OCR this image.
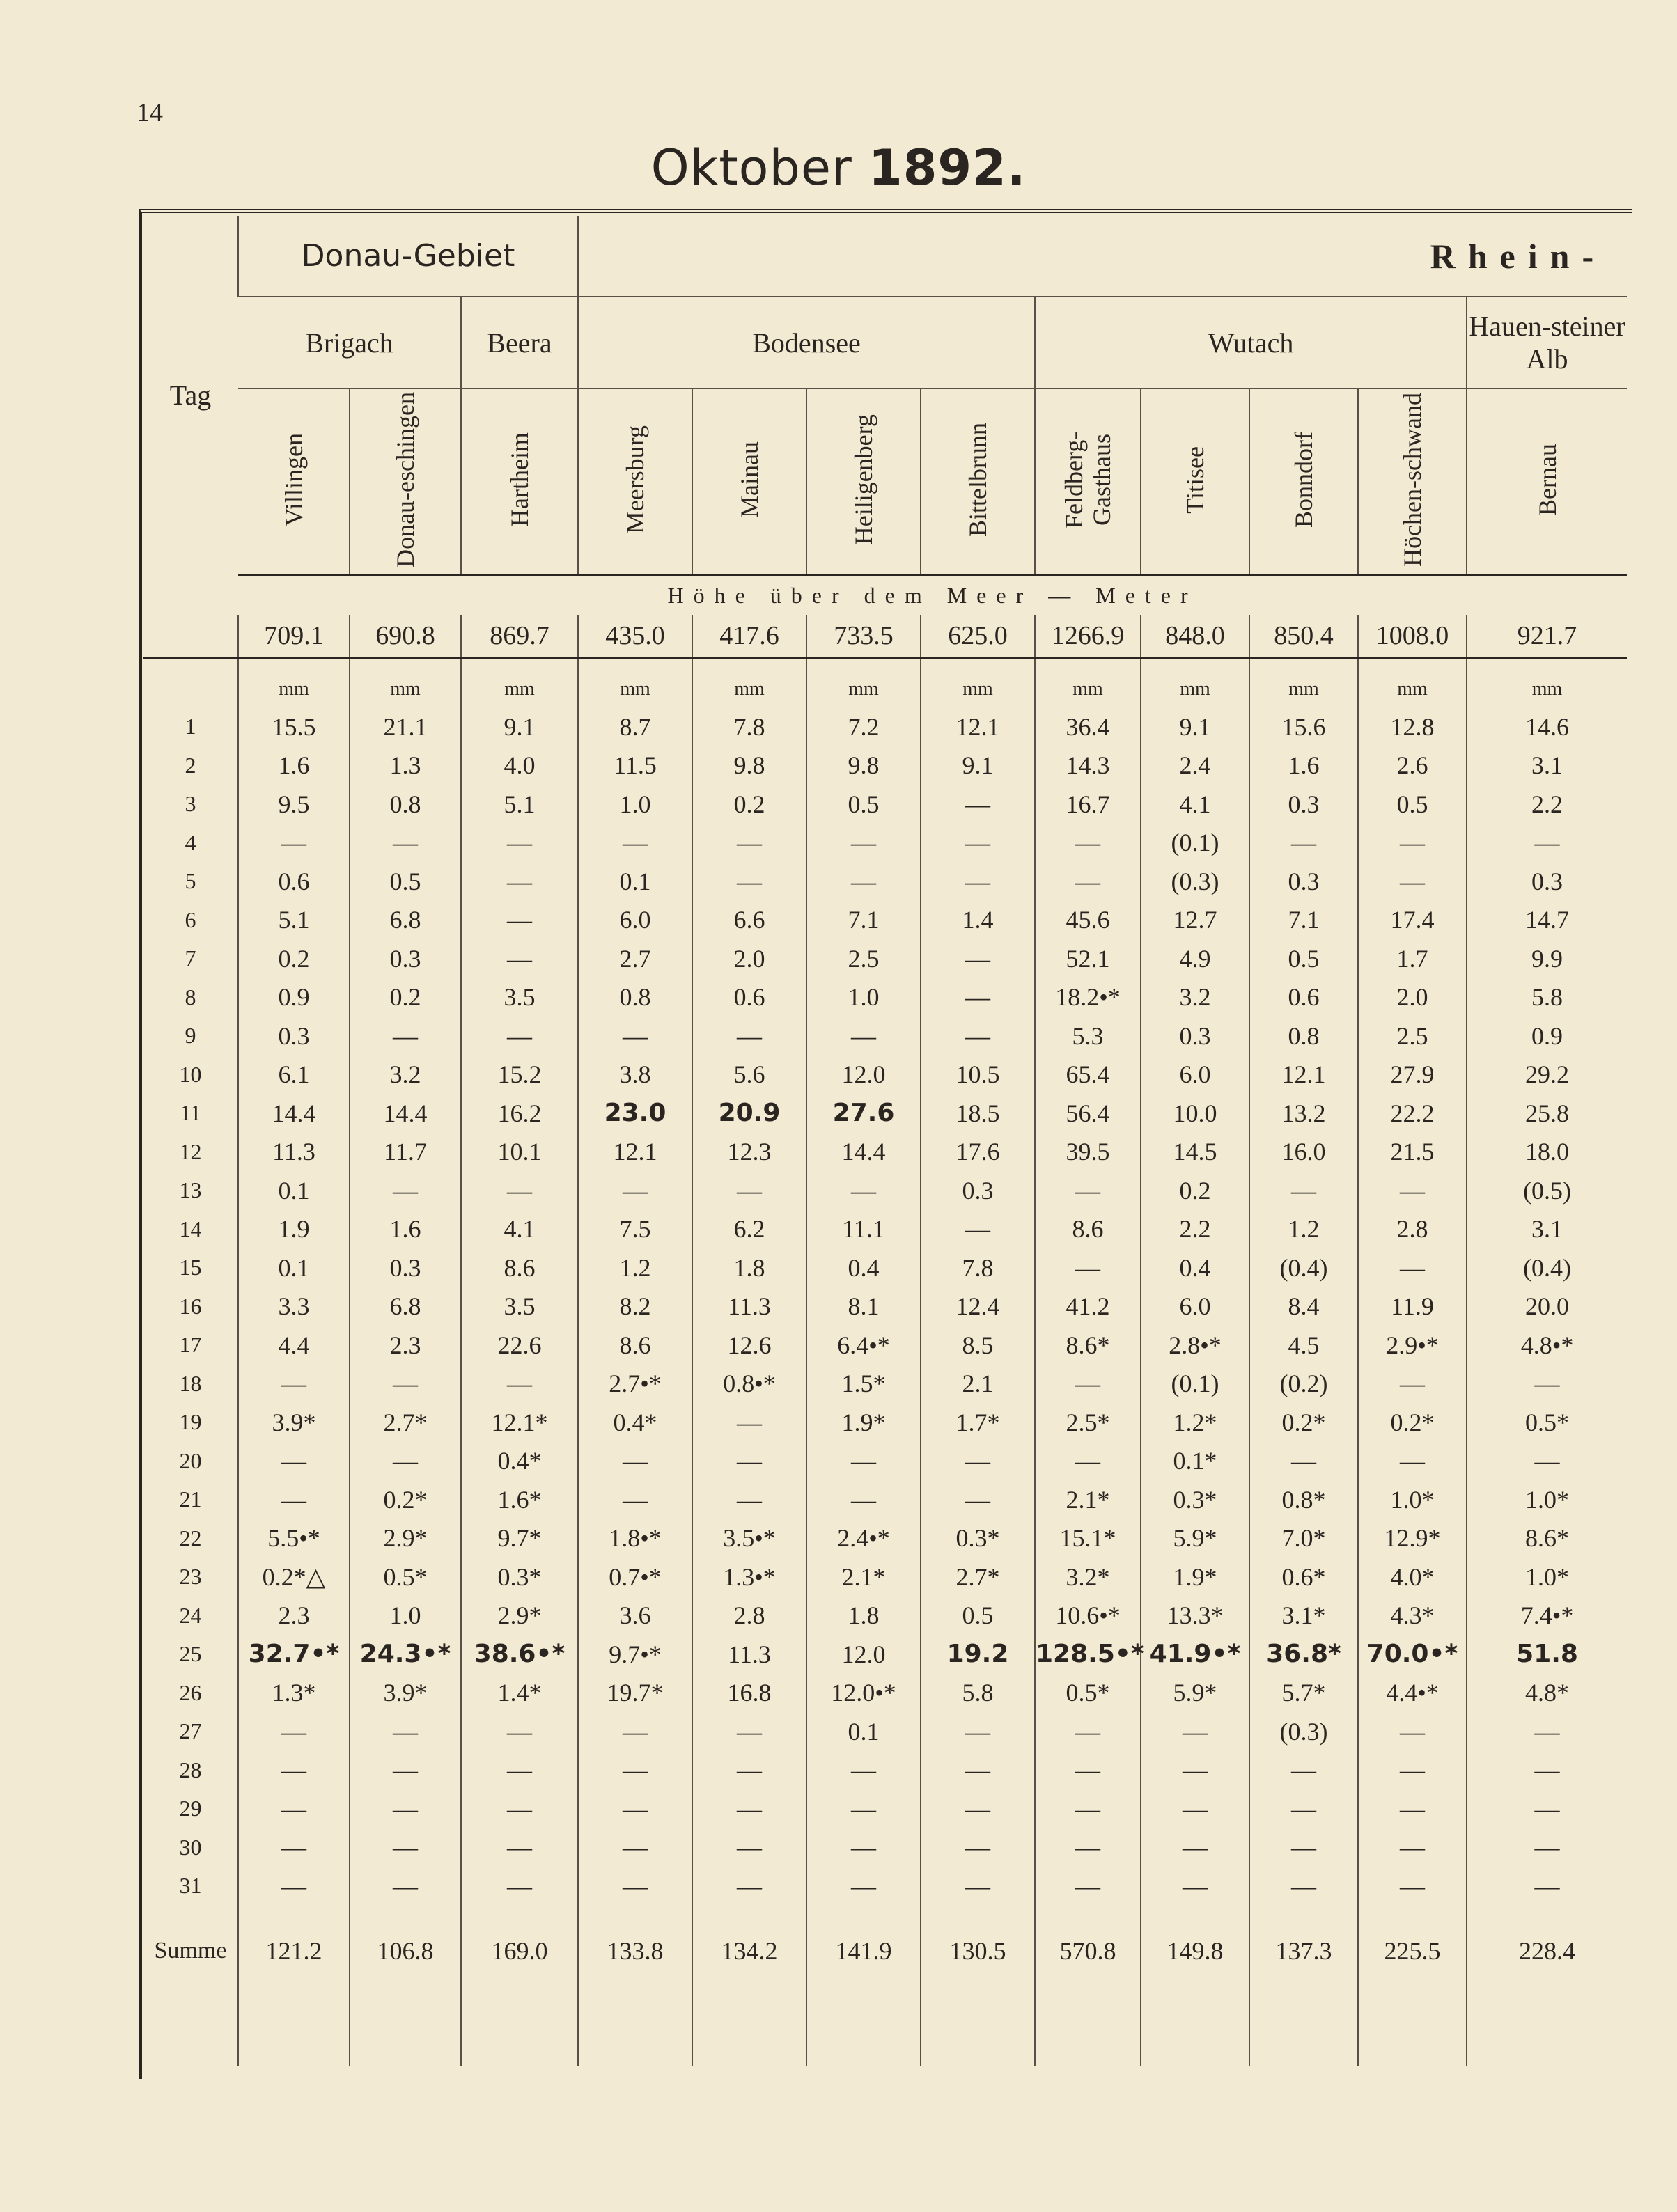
14
Oktober 1892.
Tag	Donau-Gebiet			Rhein-								
	Brigach		Beera	Bodensee				Wutach				Hauen-steiner Alb
	Villingen	Donau-eschingen	Hartheim	Meersburg	Mainau	Heiligenberg	Bittelbrunn	Feldberg-Gasthaus	Titisee	Bonndorf	Höchen-schwand	Bernau
	Höhe über dem Meer — Meter											
	709.1	690.8	869.7	435.0	417.6	733.5	625.0	1266.9	848.0	850.4	1008.0	921.7
	mm	mm	mm	mm	mm	mm	mm	mm	mm	mm	mm	mm

1	15.5	21.1	9.1	8.7	7.8	7.2	12.1	36.4	9.1	15.6	12.8	14.6
2	1.6	1.3	4.0	11.5	9.8	9.8	9.1	14.3	2.4	1.6	2.6	3.1
3	9.5	0.8	5.1	1.0	0.2	0.5	—	16.7	4.1	0.3	0.5	2.2
4	—	—	—	—	—	—	—	—	(0.1)	—	—	—
5	0.6	0.5	—	0.1	—	—	—	—	(0.3)	0.3	—	0.3
6	5.1	6.8	—	6.0	6.6	7.1	1.4	45.6	12.7	7.1	17.4	14.7
7	0.2	0.3	—	2.7	2.0	2.5	—	52.1	4.9	0.5	1.7	9.9
8	0.9	0.2	3.5	0.8	0.6	1.0	—	18.2•*	3.2	0.6	2.0	5.8
9	0.3	—	—	—	—	—	—	5.3	0.3	0.8	2.5	0.9
10	6.1	3.2	15.2	3.8	5.6	12.0	10.5	65.4	6.0	12.1	27.9	29.2
11	14.4	14.4	16.2	23.0	20.9	27.6	18.5	56.4	10.0	13.2	22.2	25.8
12	11.3	11.7	10.1	12.1	12.3	14.4	17.6	39.5	14.5	16.0	21.5	18.0
13	0.1	—	—	—	—	—	0.3	—	0.2	—	—	(0.5)
14	1.9	1.6	4.1	7.5	6.2	11.1	—	8.6	2.2	1.2	2.8	3.1
15	0.1	0.3	8.6	1.2	1.8	0.4	7.8	—	0.4	(0.4)	—	(0.4)
16	3.3	6.8	3.5	8.2	11.3	8.1	12.4	41.2	6.0	8.4	11.9	20.0
17	4.4	2.3	22.6	8.6	12.6	6.4•*	8.5	8.6*	2.8•*	4.5	2.9•*	4.8•*
18	—	—	—	2.7•*	0.8•*	1.5*	2.1	—	(0.1)	(0.2)	—	—
19	3.9*	2.7*	12.1*	0.4*	—	1.9*	1.7*	2.5*	1.2*	0.2*	0.2*	0.5*
20	—	—	0.4*	—	—	—	—	—	0.1*	—	—	—
21	—	0.2*	1.6*	—	—	—	—	2.1*	0.3*	0.8*	1.0*	1.0*
22	5.5•*	2.9*	9.7*	1.8•*	3.5•*	2.4•*	0.3*	15.1*	5.9*	7.0*	12.9*	8.6*
23	0.2*△	0.5*	0.3*	0.7•*	1.3•*	2.1*	2.7*	3.2*	1.9*	0.6*	4.0*	1.0*
24	2.3	1.0	2.9*	3.6	2.8	1.8	0.5	10.6•*	13.3*	3.1*	4.3*	7.4•*
25	32.7•*	24.3•*	38.6•*	9.7•*	11.3	12.0	19.2	128.5•*	41.9•*	36.8*	70.0•*	51.8
26	1.3*	3.9*	1.4*	19.7*	16.8	12.0•*	5.8	0.5*	5.9*	5.7*	4.4•*	4.8*
27	—	—	—	—	—	0.1	—	—	—	(0.3)	—	—
28	—	—	—	—	—	—	—	—	—	—	—	—
29	—	—	—	—	—	—	—	—	—	—	—	—
30	—	—	—	—	—	—	—	—	—	—	—	—
31	—	—	—	—	—	—	—	—	—	—	—	—
Summe	121.2	106.8	169.0	133.8	134.2	141.9	130.5	570.8	149.8	137.3	225.5	228.4
